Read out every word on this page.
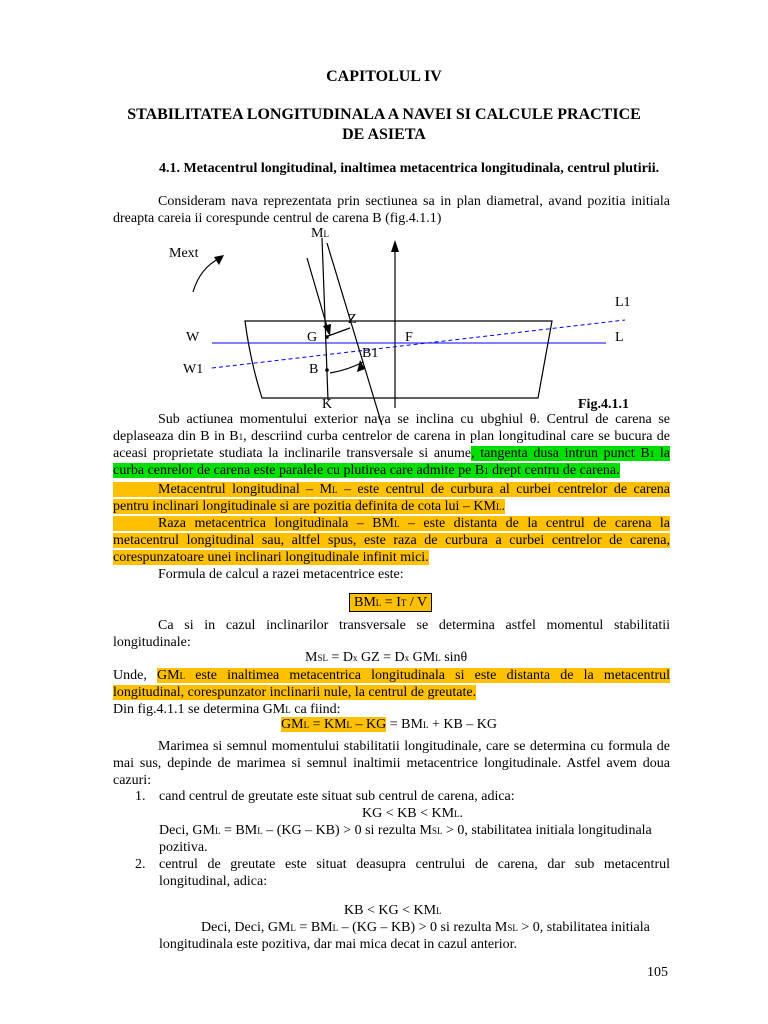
CAPITOLUL IV
STABILITATEA LONGITUDINALA A NAVEI SI CALCULE PRACTICE
DE ASIETA
4.1. Metacentrul longitudinal, inaltimea metacentrica longitudinala, centrul plutirii.
Consideram nava reprezentata prin sectiunea sa in plan diametral, avand pozitia initiala
dreapta careia ii corespunde centrul de carena B (fig.4.1.1)
ML
Mext
L1
W	L
G
Z
F
B1
W1	B
K	Fig.4.1.1
Sub actiunea momentului exterior nava se inclina cu ubghiul θ. Centrul de carena se
deplaseaza din B in B1, descriind curba centrelor de carena in plan longitudinal care se bucura de
aceasi proprietate studiata la inclinarile transversale si anume, tangenta dusa intrun punct B1 la
curba cenrelor de carena este paralele cu plutirea care admite pe B1 drept centru de carena.
Metacentrul longitudinal – ML – este centrul de curbura al curbei centrelor de carena
pentru inclinari longitudinale si are pozitia definita de cota lui – KML.
Raza metacentrica longitudinala – BML – este distanta de la centrul de carena la
metacentrul longitudinal sau, altfel spus, este raza de curbura a curbei centrelor de carena,
corespunzatoare unei inclinari longitudinale infinit mici.
Formula de calcul a razei metacentrice este:
BML = IT / V
Ca si in cazul inclinarilor transversale se determina astfel momentul stabilitatii
longitudinale:
MSL = Dx GZ = Dx GML sinθ
Unde, GML este inaltimea metacentrica longitudinala si este distanta de la metacentrul
longitudinal, corespunzator inclinarii nule, la centrul de greutate.
Din fig.4.1.1 se determina GML ca fiind:
GML = KML – KG = BML + KB – KG
Marimea si semnul momentului stabilitatii longitudinale, care se determina cu formula de
mai sus, depinde de marimea si semnul inaltimii metacentrice longitudinale. Astfel avem doua
cazuri:
1. cand centrul de greutate este situat sub centrul de carena, adica:
KG < KB < KML.
Deci, GML = BML – (KG – KB) > 0 si rezulta MSL > 0, stabilitatea initiala longitudinala
pozitiva.
2. centrul de greutate este situat deasupra centrului de carena, dar sub metacentrul
longitudinal, adica:
KB < KG < KML
Deci, Deci, GML = BML – (KG – KB) > 0 si rezulta MSL > 0, stabilitatea initiala
longitudinala este pozitiva, dar mai mica decat in cazul anterior.
105
